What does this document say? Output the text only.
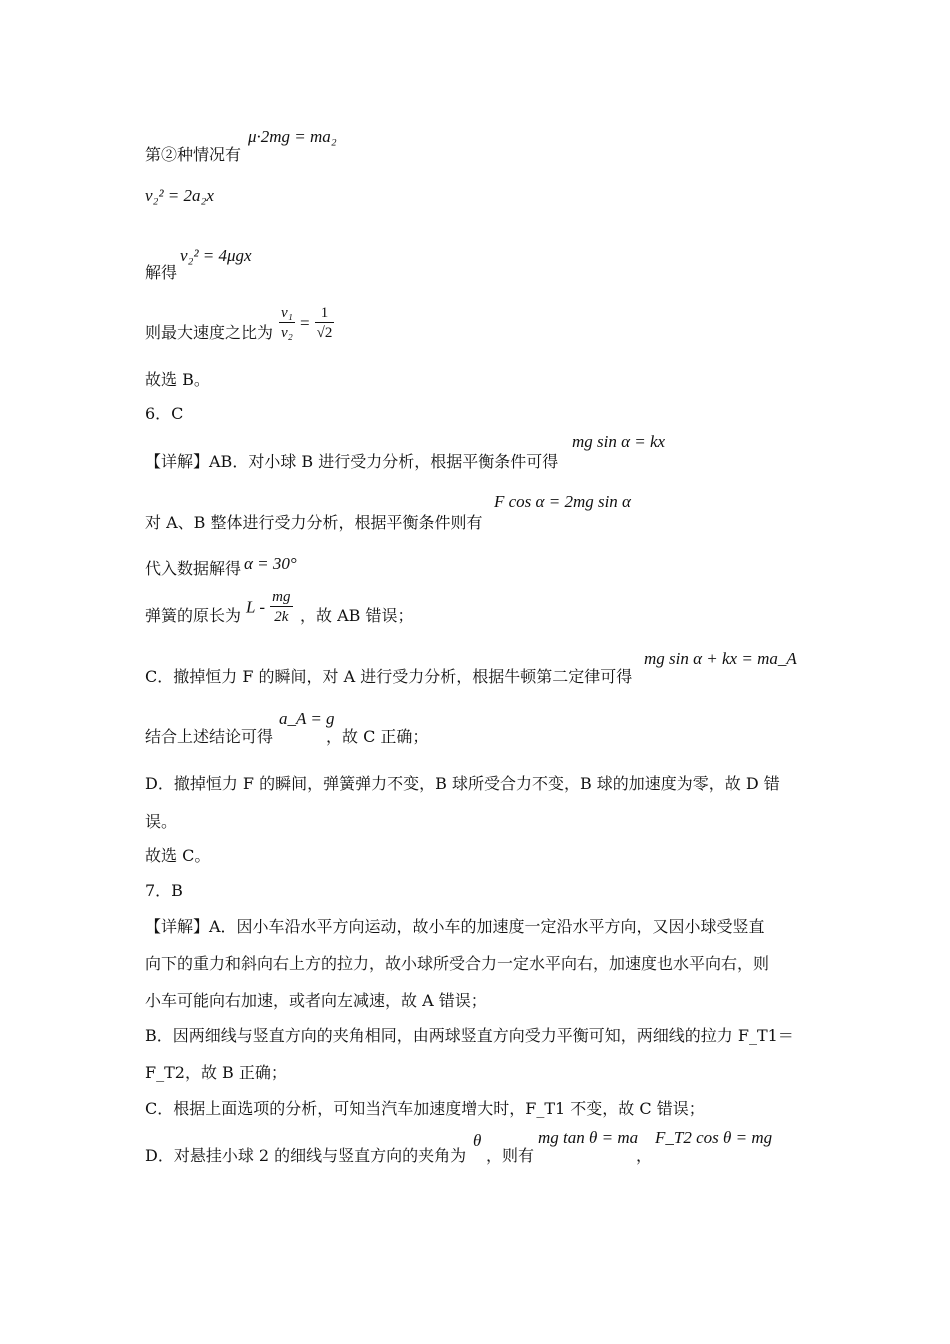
第②种情况有
μ·2mg = ma₂
v₂² = 2a₂x
解得
v₂² = 4μgx
则最大速度之比为 $\frac{\text{v₁}}{\text{v₂}} = \frac{1}{√2}$
故选 B。
6．C
【详解】AB．对小球 B 进行受力分析，根据平衡条件可得
mg sin α = kx
对 A、B 整体进行受力分析，根据平衡条件则有
F cos α = 2mg sin α
代入数据解得 α = 30°
弹簧的原长为 L - $\frac{mg}{2k}$ ，故 AB 错误；
C．撤掉恒力 F 的瞬间，对 A 进行受力分析，根据牛顿第二定律可得
mg sin α + kx = ma_A
结合上述结论可得
a_A = g
，故 C 正确；
D．撤掉恒力 F 的瞬间，弹簧弹力不变，B 球所受合力不变，B 球的加速度为零，故 D 错
误。
故选 C。
7．B
【详解】A．因小车沿水平方向运动，故小车的加速度一定沿水平方向，又因小球受竖直
向下的重力和斜向右上方的拉力，故小球所受合力一定水平向右，加速度也水平向右，则
小车可能向右加速，或者向左减速，故 A 错误；
B．因两细线与竖直方向的夹角相同，由两球竖直方向受力平衡可知，两细线的拉力 F_T1＝
F_T2，故 B 正确；
C．根据上面选项的分析，可知当汽车加速度增大时，F_T1 不变，故 C 错误；
D．对悬挂小球 2 的细线与竖直方向的夹角为
θ
，则有
mg tan θ = ma
，
F_T2 cos θ = mg
